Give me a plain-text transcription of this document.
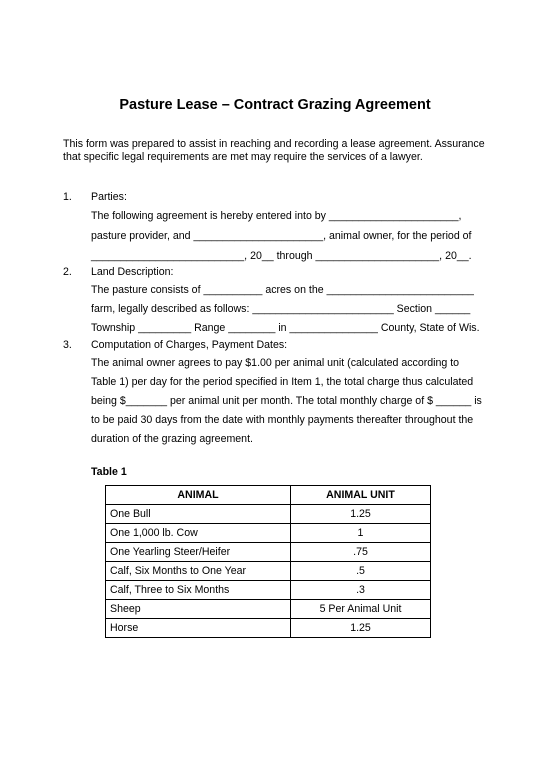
Pasture Lease – Contract Grazing Agreement

This form was prepared to assist in reaching and recording a lease agreement. Assurance

that specific legal requirements are met may require the services of a lawyer.

1. Parties:
The following agreement is hereby entered into by ______________________,
pasture provider, and ______________________, animal owner, for the period of
__________________________, 20__ through _____________________, 20__.
2. Land Description:
The pasture consists of __________ acres on the _________________________
farm, legally described as follows: ________________________ Section ______
Township _________ Range ________ in _______________ County, State of Wis.
3. Computation of Charges, Payment Dates:
The animal owner agrees to pay $1.00 per animal unit (calculated according to
Table 1) per day for the period specified in Item 1, the total charge thus calculated
being $_______ per animal unit per month. The total monthly charge of $ ______ is
to be paid 30 days from the date with monthly payments thereafter throughout the
duration of the grazing agreement.
Table 1
ANIMAL	ANIMAL UNIT
One Bull	1.25
One 1,000 lb. Cow	1
One Yearling Steer/Heifer	.75
Calf, Six Months to One Year	.5
Calf, Three to Six Months	.3
Sheep	5 Per Animal Unit
Horse	1.25
